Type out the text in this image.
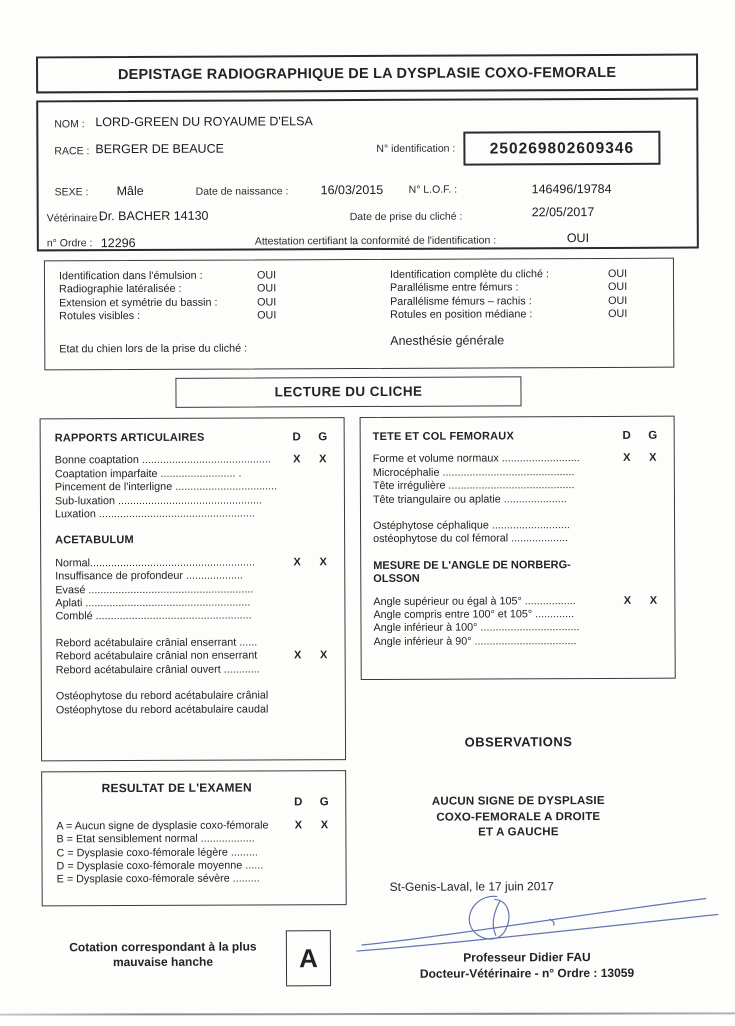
DEPISTAGE RADIOGRAPHIQUE DE LA DYSPLASIE COXO-FEMORALE
NOM : LORD-GREEN DU ROYAUME D'ELSA
RACE : BERGER DE BEAUCE	N° identification :	250269802609346
SEXE : Mâle	Date de naissance :	16/03/2015 N° L.O.F. :	146496/19784
Vétérinaire :
Dr. BACHER 14130	Date de prise du cliché :	22/05/2017
n° Ordre : 12296	Attestation certifiant la conformité de l'identification :	OUI
Identification dans l'émulsion :	OUI
Radiographie latéralisée :	OUI
Extension et symétrie du bassin :	OUI
Rotules visibles :	OUI
Identification complète du cliché :	OUI
Parallélisme entre fémurs :	OUI
Parallélisme fémurs – rachis :	OUI
Rotules en position médiane :	OUI
Etat du chien lors de la prise du cliché :
Anesthésie générale
LECTURE DU CLICHE
RAPPORTS ARTICULAIRES	D	G
Bonne coaptation ...........................................	X	X
Coaptation imparfaite ......................... .
Pincement de l'interligne ..................................
Sub-luxation ................................................
Luxation ....................................................
ACETABULUM
Normal.......................................................	X	X
Insuffisance de profondeur ...................
Evasé .......................................................
Aplati .......................................................
Comblé ....................................................
Rebord acétabulaire crânial enserrant ......
Rebord acétabulaire crânial non enserrant	X	X
Rebord acétabulaire crânial ouvert ............
Ostéophytose du rebord acétabulaire crânial
Ostéophytose du rebord acétabulaire caudal
TETE ET COL FEMORAUX	D	G
Forme et volume normaux ..........................	X	X
Microcéphalie ............................................
Tête irrégulière ..........................................
Tête triangulaire ou aplatie .....................
Ostéphytose céphalique ..........................
ostéophytose du col fémoral ...................
MESURE DE L'ANGLE DE NORBERG-
OLSSON
Angle supérieur ou égal à 105° .................	X	X
Angle compris entre 100° et 105° .............
Angle inférieur à 100° .................................
Angle inférieur à 90° ..................................
RESULTAT DE L'EXAMEN
D	G
A = Aucun signe de dysplasie coxo-fémorale	X	X
B = Etat sensiblement normal ..................
C = Dysplasie coxo-fémorale légère .........
D = Dysplasie coxo-fémorale moyenne ......
E = Dysplasie coxo-fémorale sévère .........
OBSERVATIONS
AUCUN SIGNE DE DYSPLASIE
COXO-FEMORALE A DROITE
ET A GAUCHE
St-Genis-Laval, le 17 juin 2017
Professeur Didier FAU
Docteur-Vétérinaire - n° Ordre : 13059
Cotation correspondant à la plus
mauvaise hanche	A
